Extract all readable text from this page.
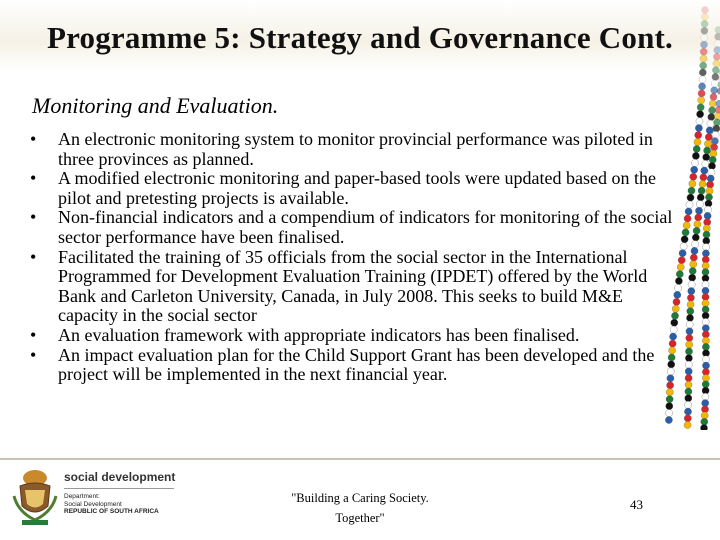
Programme 5: Strategy and Governance Cont.

Monitoring and Evaluation.

• An electronic monitoring system to monitor provincial performance was piloted in three provinces as planned.
• A modified electronic monitoring and paper-based tools were updated based on the pilot and pretesting projects is available.
• Non-financial indicators and a compendium of indicators for monitoring of the social sector performance have been finalised.
• Facilitated the training of 35 officials from the social sector in the International Programmed for Development Evaluation Training (IPDET) offered by the World Bank and Carleton University, Canada, in July 2008. This seeks to build M&E capacity in the social sector
• An evaluation framework with appropriate indicators has been finalised.
• An impact evaluation plan for the Child Support Grant has been developed and the project will be implemented in the next financial year.
social development
Department:
Social Development
REPUBLIC OF SOUTH AFRICA
"Building a Caring Society.
Together"
43
